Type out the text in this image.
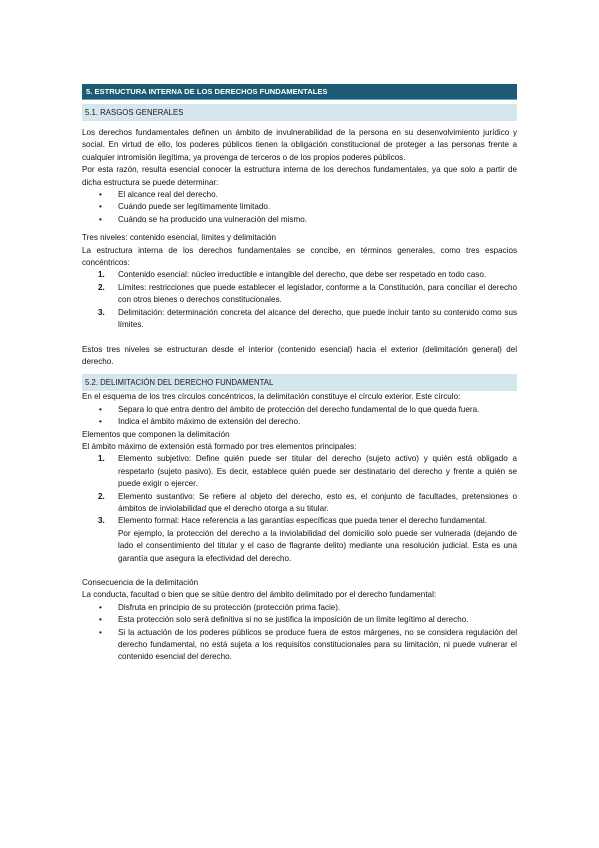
5. ESTRUCTURA INTERNA DE LOS DERECHOS FUNDAMENTALES
5.1. RASGOS GENERALES

Los derechos fundamentales definen un ámbito de invulnerabilidad de la persona en su desenvolvimiento jurídico y social. En virtud de ello, los poderes públicos tienen la obligación constitucional de proteger a las personas frente a cualquier intromisión ilegítima, ya provenga de terceros o de los propios poderes públicos.

Por esta razón, resulta esencial conocer la estructura interna de los derechos fundamentales, ya que solo a partir de dicha estructura se puede determinar:

• El alcance real del derecho.
• Cuándo puede ser legítimamente limitado.
• Cuándo se ha producido una vulneración del mismo.

Tres niveles: contenido esencial, límites y delimitación

La estructura interna de los derechos fundamentales se concibe, en términos generales, como tres espacios concéntricos:

1. Contenido esencial: núcleo irreductible e intangible del derecho, que debe ser respetado en todo caso.
2. Límites: restricciones que puede establecer el legislador, conforme a la Constitución, para conciliar el derecho con otros bienes o derechos constitucionales.
3. Delimitación: determinación concreta del alcance del derecho, que puede incluir tanto su contenido como sus límites.

Estos tres niveles se estructuran desde el interior (contenido esencial) hacia el exterior (delimitación general) del derecho.

5.2. DELIMITACIÓN DEL DERECHO FUNDAMENTAL

En el esquema de los tres círculos concéntricos, la delimitación constituye el círculo exterior. Este círculo:

• Separa lo que entra dentro del ámbito de protección del derecho fundamental de lo que queda fuera.
• Indica el ámbito máximo de extensión del derecho.

Elementos que componen la delimitación

El ámbito máximo de extensión está formado por tres elementos principales:

1. Elemento subjetivo: Define quién puede ser titular del derecho (sujeto activo) y quién está obligado a respetarlo (sujeto pasivo). Es decir, establece quién puede ser destinatario del derecho y frente a quién se puede exigir o ejercer.
2. Elemento sustantivo: Se refiere al objeto del derecho, esto es, el conjunto de facultades, pretensiones o ámbitos de inviolabilidad que el derecho otorga a su titular.
3. Elemento formal: Hace referencia a las garantías específicas que pueda tener el derecho fundamental.

Por ejemplo, la protección del derecho a la inviolabilidad del domicilio solo puede ser vulnerada (dejando de lado el consentimiento del titular y el caso de flagrante delito) mediante una resolución judicial. Esta es una garantía que asegura la efectividad del derecho.

Consecuencia de la delimitación

La conducta, facultad o bien que se sitúe dentro del ámbito delimitado por el derecho fundamental:

• Disfruta en principio de su protección (protección prima facie).
• Esta protección solo será definitiva si no se justifica la imposición de un límite legítimo al derecho.
• Si la actuación de los poderes públicos se produce fuera de estos márgenes, no se considera regulación del derecho fundamental, no está sujeta a los requisitos constitucionales para su limitación, ni puede vulnerar el contenido esencial del derecho.
